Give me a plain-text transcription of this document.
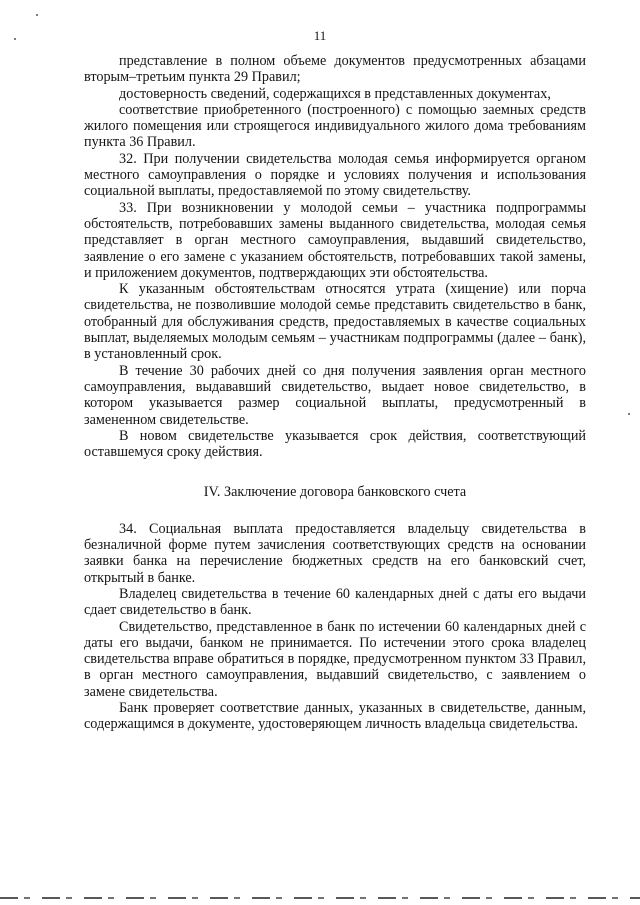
11

представление в полном объеме документов предусмотренных абзацами вторым–третьим пункта 29 Правил;

достоверность сведений, содержащихся в представленных документах,

соответствие приобретенного (построенного) с помощью заемных средств жилого помещения или строящегося индивидуального жилого дома требованиям пункта 36 Правил.

32. При получении свидетельства молодая семья информируется органом местного самоуправления о порядке и условиях получения и использования социальной выплаты, предоставляемой по этому свидетельству.

33. При возникновении у молодой семьи – участника подпрограммы обстоятельств, потребовавших замены выданного свидетельства, молодая семья представляет в орган местного самоуправления, выдавший свидетельство, заявление о его замене с указанием обстоятельств, потребовавших такой замены, и приложением документов, подтверждающих эти обстоятельства.

К указанным обстоятельствам относятся утрата (хищение) или порча свидетельства, не позволившие молодой семье представить свидетельство в банк, отобранный для обслуживания средств, предоставляемых в качестве социальных выплат, выделяемых молодым семьям – участникам подпрограммы (далее – банк), в установленный срок.

В течение 30 рабочих дней со дня получения заявления орган местного самоуправления, выдававший свидетельство, выдает новое свидетельство, в котором указывается размер социальной выплаты, предусмотренный в замененном свидетельстве.

В новом свидетельстве указывается срок действия, соответствующий оставшемуся сроку действия.

IV. Заключение договора банковского счета

34. Социальная выплата предоставляется владельцу свидетельства в безналичной форме путем зачисления соответствующих средств на основании заявки банка на перечисление бюджетных средств на его банковский счет, открытый в банке.

Владелец свидетельства в течение 60 календарных дней с даты его выдачи сдает свидетельство в банк.

Свидетельство, представленное в банк по истечении 60 календарных дней с даты его выдачи, банком не принимается. По истечении этого срока владелец свидетельства вправе обратиться в порядке, предусмотренном пунктом 33 Правил, в орган местного самоуправления, выдавший свидетельство, с заявлением о замене свидетельства.

Банк проверяет соответствие данных, указанных в свидетельстве, данным, содержащимся в документе, удостоверяющем личность владельца свидетельства.
